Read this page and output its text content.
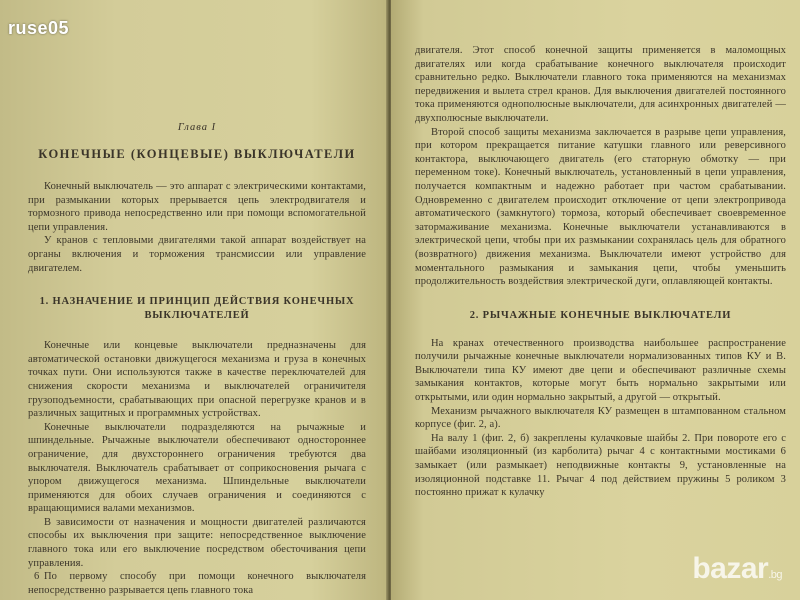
Глава I

КОНЕЧНЫЕ (КОНЦЕВЫЕ) ВЫКЛЮЧАТЕЛИ

Конечный выключатель — это аппарат с электрическими контактами, при размыкании которых прерывается цепь электродвигателя и тормозного привода непосредственно или при помощи вспомогательной цепи управления.

У кранов с тепловыми двигателями такой аппарат воздействует на органы включения и торможения трансмиссии или управление двигателем.

1. НАЗНАЧЕНИЕ И ПРИНЦИП ДЕЙСТВИЯ КОНЕЧНЫХ ВЫКЛЮЧАТЕЛЕЙ

Конечные или концевые выключатели предназначены для автоматической остановки движущегося механизма и груза в конечных точках пути. Они используются также в качестве переключателей для снижения скорости механизма и выключателей ограничителя грузоподъемности, срабатывающих при опасной перегрузке кранов и в различных защитных и программных устройствах.

Конечные выключатели подразделяются на рычажные и шпиндельные. Рычажные выключатели обеспечивают одностороннее ограничение, для двухстороннего ограничения требуются два выключателя. Выключатель срабатывает от соприкосновения рычага с упором движущегося механизма. Шпиндельные выключатели применяются для обоих случаев ограничения и соединяются с вращающимися валами механизмов.

В зависимости от назначения и мощности двигателей различаются способы их выключения при защите: непосредственное выключение главного тока или его выключение посредством обесточивания цепи управления.

По первому способу при помощи конечного выключателя непосредственно разрывается цепь главного тока

6

двигателя. Этот способ конечной защиты применяется в маломощных двигателях или когда срабатывание конечного выключателя происходит сравнительно редко. Выключатели главного тока применяются на механизмах передвижения и вылета стрел кранов. Для выключения двигателей постоянного тока применяются однополюсные выключатели, для асинхронных двигателей — двухполюсные выключатели.

Второй способ защиты механизма заключается в разрыве цепи управления, при котором прекращается питание катушки главного или реверсивного контактора, выключающего двигатель (его статорную обмотку — при переменном токе). Конечный выключатель, установленный в цепи управления, получается компактным и надежно работает при частом срабатывании. Одновременно с двигателем происходит отключение от цепи электропривода автоматического (замкнутого) тормоза, который обеспечивает своевременное затормаживание механизма. Конечные выключатели устанавливаются в электрической цепи, чтобы при их размыкании сохранялась цель для обратного (возвратного) движения механизма. Выключатели имеют устройство для моментального размыкания и замыкания цепи, чтобы уменьшить продолжительность воздействия электрической дуги, оплавляющей контакты.

2. РЫЧАЖНЫЕ КОНЕЧНЫЕ ВЫКЛЮЧАТЕЛИ

На кранах отечественного производства наибольшее распространение получили рычажные конечные выключатели нормализованных типов КУ и В. Выключатели типа КУ имеют две цепи и обеспечивают различные схемы замыкания контактов, которые могут быть нормально закрытыми или открытыми, или один нормально закрытый, а другой — открытый.

Механизм рычажного выключателя КУ размещен в штампованном стальном корпусе (фиг. 2, а).

На валу 1 (фиг. 2, б) закреплены кулачковые шайбы 2. При повороте его с шайбами изоляционный (из карболита) рычаг 4 с контактными мостиками 6 замыкает (или размыкает) неподвижные контакты 9, установленные на изоляционной подставке 11. Рычаг 4 под действием пружины 5 роликом 3 постоянно прижат к кулачку

ruse05
bazar.bg
